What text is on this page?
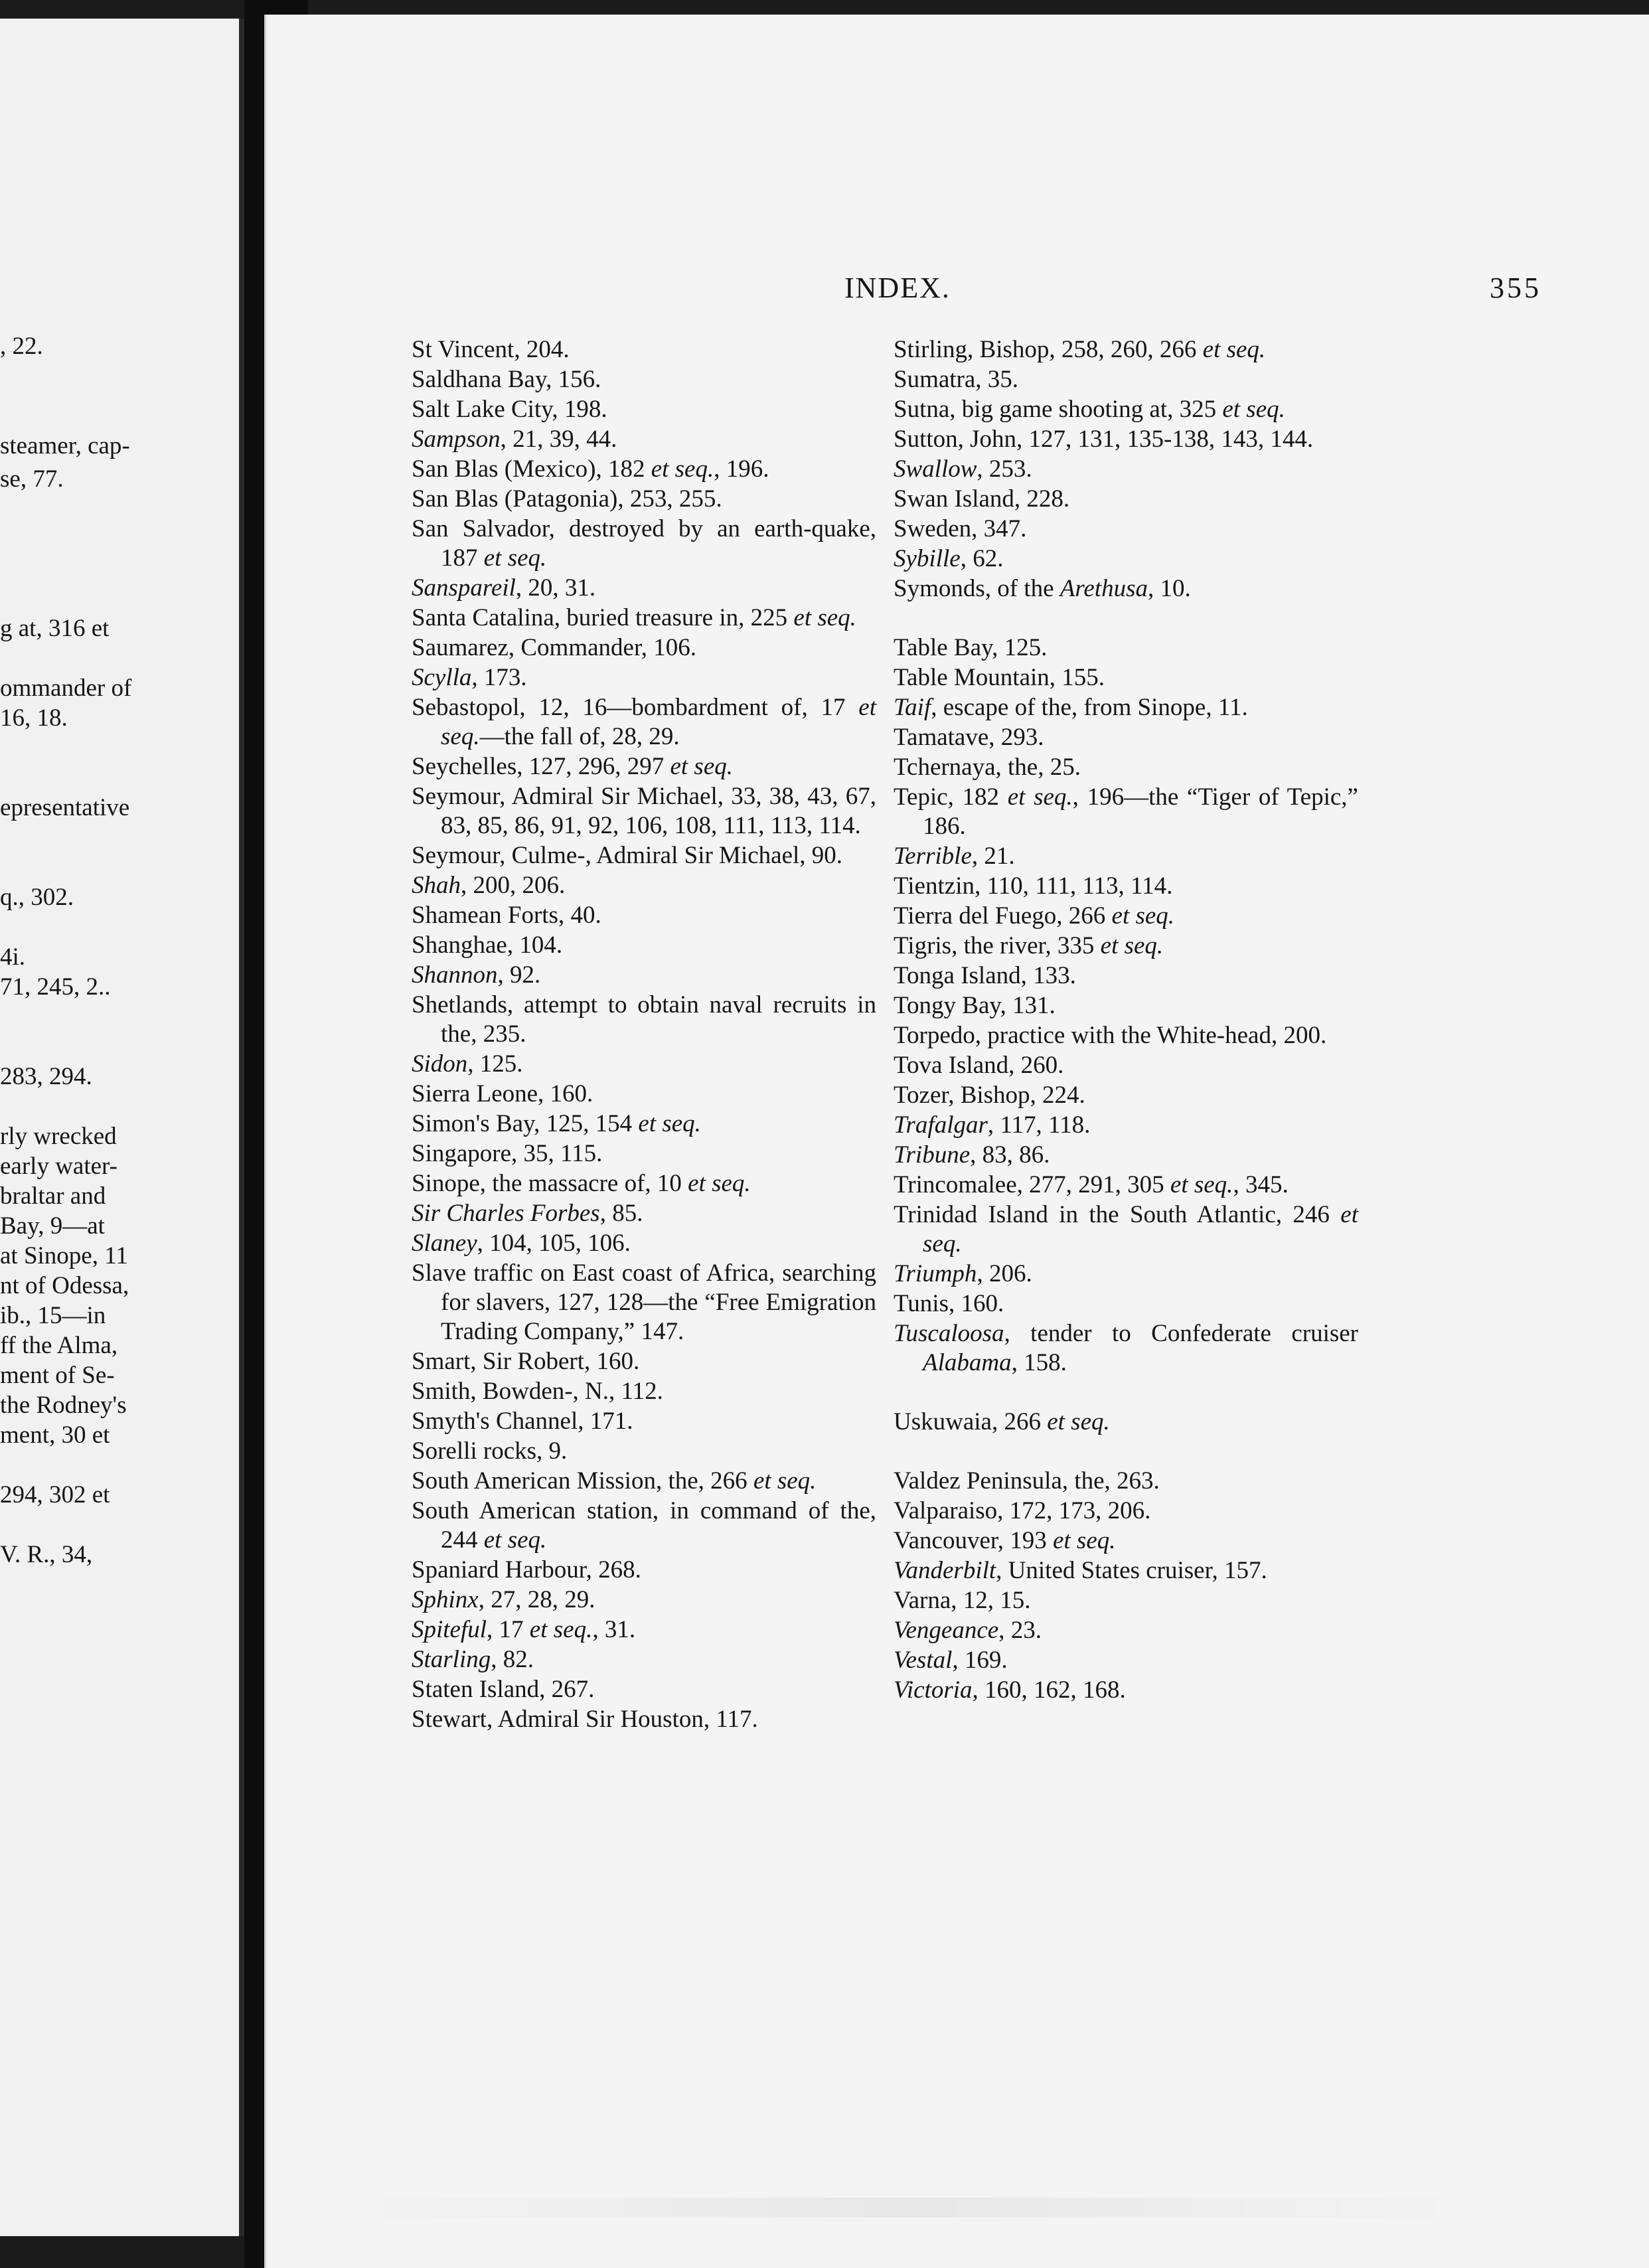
, 22.
steamer, cap-
se, 77.
g at, 316 et
ommander of
16, 18.
epresentative
q., 302.
4i.
71, 245, 2..
283, 294.
rly wrecked
early water-
braltar and
Bay, 9—at
at Sinope, 11
nt of Odessa,
ib., 15—in
ff the Alma,
ment of Se-
the Rodney's
ment, 30 et
294, 302 et
V. R., 34,
INDEX.	355

St Vincent, 204.

Saldhana Bay, 156.

Salt Lake City, 198.

Sampson, 21, 39, 44.

San Blas (Mexico), 182 et seq., 196.

San Blas (Patagonia), 253, 255.

San Salvador, destroyed by an earth-quake, 187 et seq.

Sanspareil, 20, 31.

Santa Catalina, buried treasure in, 225 et seq.

Saumarez, Commander, 106.

Scylla, 173.

Sebastopol, 12, 16—bombardment of, 17 et seq.—the fall of, 28, 29.

Seychelles, 127, 296, 297 et seq.

Seymour, Admiral Sir Michael, 33, 38, 43, 67, 83, 85, 86, 91, 92, 106, 108, 111, 113, 114.

Seymour, Culme-, Admiral Sir Michael, 90.

Shah, 200, 206.

Shamean Forts, 40.

Shanghae, 104.

Shannon, 92.

Shetlands, attempt to obtain naval recruits in the, 235.

Sidon, 125.

Sierra Leone, 160.

Simon's Bay, 125, 154 et seq.

Singapore, 35, 115.

Sinope, the massacre of, 10 et seq.

Sir Charles Forbes, 85.

Slaney, 104, 105, 106.

Slave traffic on East coast of Africa, searching for slavers, 127, 128—the “Free Emigration Trading Company,” 147.

Smart, Sir Robert, 160.

Smith, Bowden-, N., 112.

Smyth's Channel, 171.

Sorelli rocks, 9.

South American Mission, the, 266 et seq.

South American station, in command of the, 244 et seq.

Spaniard Harbour, 268.

Sphinx, 27, 28, 29.

Spiteful, 17 et seq., 31.

Starling, 82.

Staten Island, 267.

Stewart, Admiral Sir Houston, 117.

Stirling, Bishop, 258, 260, 266 et seq.

Sumatra, 35.

Sutna, big game shooting at, 325 et seq.

Sutton, John, 127, 131, 135-138, 143, 144.

Swallow, 253.

Swan Island, 228.

Sweden, 347.

Sybille, 62.

Symonds, of the Arethusa, 10.

Table Bay, 125.

Table Mountain, 155.

Taif, escape of the, from Sinope, 11.

Tamatave, 293.

Tchernaya, the, 25.

Tepic, 182 et seq., 196—the “Tiger of Tepic,” 186.

Terrible, 21.

Tientzin, 110, 111, 113, 114.

Tierra del Fuego, 266 et seq.

Tigris, the river, 335 et seq.

Tonga Island, 133.

Tongy Bay, 131.

Torpedo, practice with the White-head, 200.

Tova Island, 260.

Tozer, Bishop, 224.

Trafalgar, 117, 118.

Tribune, 83, 86.

Trincomalee, 277, 291, 305 et seq., 345.

Trinidad Island in the South Atlantic, 246 et seq.

Triumph, 206.

Tunis, 160.

Tuscaloosa, tender to Confederate cruiser Alabama, 158.

Uskuwaia, 266 et seq.

Valdez Peninsula, the, 263.

Valparaiso, 172, 173, 206.

Vancouver, 193 et seq.

Vanderbilt, United States cruiser, 157.

Varna, 12, 15.

Vengeance, 23.

Vestal, 169.

Victoria, 160, 162, 168.
